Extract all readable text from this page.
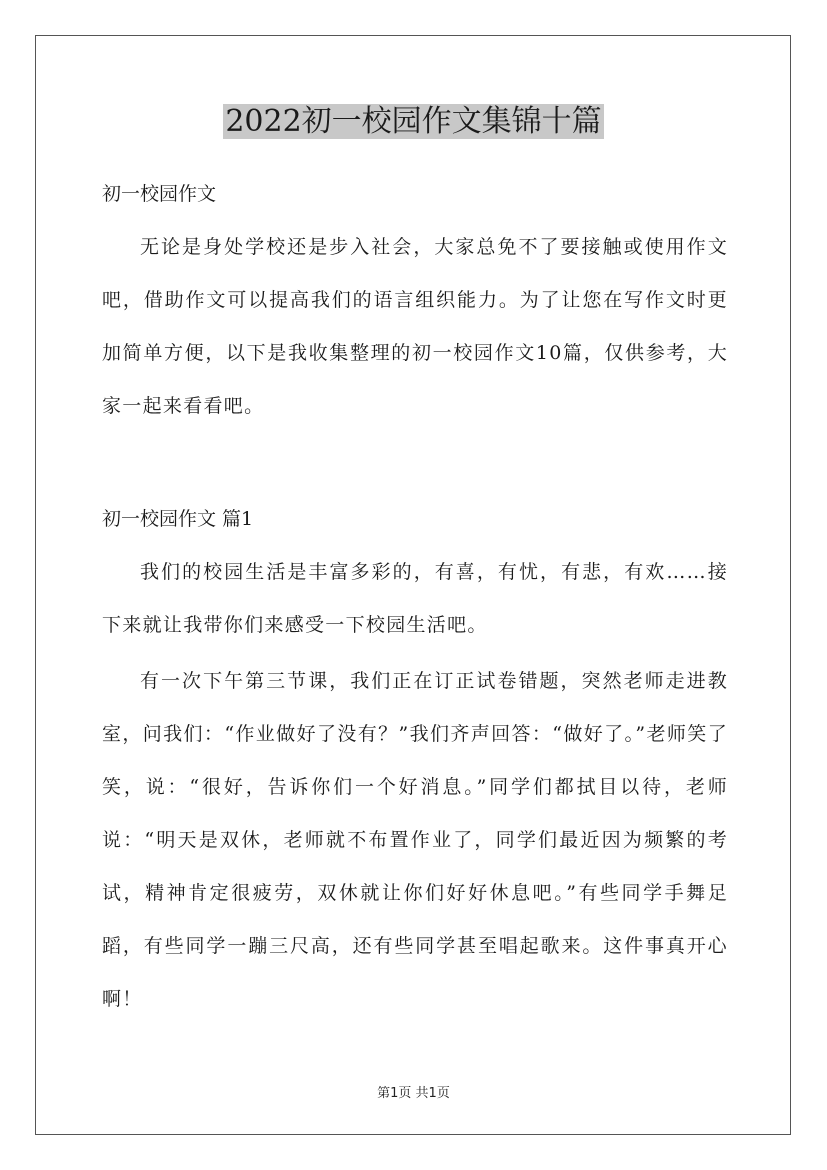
2022初一校园作文集锦十篇
初一校园作文
无论是身处学校还是步入社会，大家总免不了要接触或使用作文吧，借助作文可以提高我们的语言组织能力。为了让您在写作文时更加简单方便，以下是我收集整理的初一校园作文10篇，仅供参考，大家一起来看看吧。
初一校园作文 篇1
我们的校园生活是丰富多彩的，有喜，有忧，有悲，有欢……接下来就让我带你们来感受一下校园生活吧。
有一次下午第三节课，我们正在订正试卷错题，突然老师走进教室，问我们：“作业做好了没有？”我们齐声回答：“做好了。”老师笑了笑，说：“很好，告诉你们一个好消息。”同学们都拭目以待，老师说：“明天是双休，老师就不布置作业了，同学们最近因为频繁的考试，精神肯定很疲劳，双休就让你们好好休息吧。”有些同学手舞足蹈，有些同学一蹦三尺高，还有些同学甚至唱起歌来。这件事真开心啊！
第1页 共1页
